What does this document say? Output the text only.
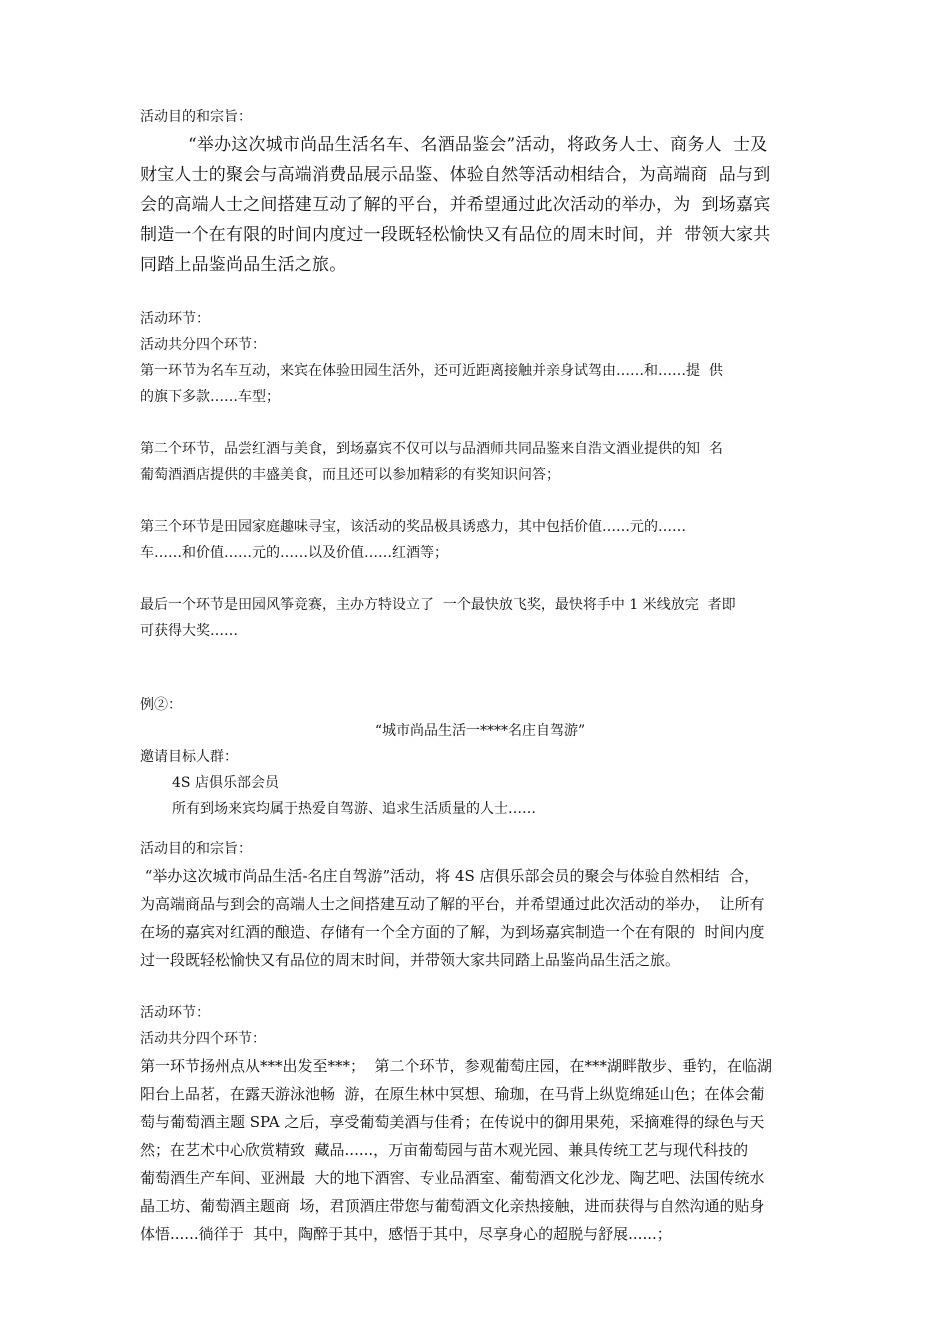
活动目的和宗旨：
“举办这次城市尚品生活名车、名酒品鉴会”活动，将政务人士、商务人  士及
财宝人士的聚会与高端消费品展示品鉴、体验自然等活动相结合，为高端商  品与到
会的高端人士之间搭建互动了解的平台，并希望通过此次活动的举办，为  到场嘉宾
制造一个在有限的时间内度过一段既轻松愉快又有品位的周末时间，并  带领大家共
同踏上品鉴尚品生活之旅。
活动环节：
活动共分四个环节：
第一环节为名车互动，来宾在体验田园生活外，还可近距离接触并亲身试驾由……和……提  供
的旗下多款……车型；
第二个环节，品尝红酒与美食，到场嘉宾不仅可以与品酒师共同品鉴来自浩文酒业提供的知  名
葡萄酒酒店提供的丰盛美食，而且还可以参加精彩的有奖知识问答；
第三个环节是田园家庭趣味寻宝，该活动的奖品极具诱惑力，其中包括价值……元的……
车……和价值……元的……以及价值……红酒等；
最后一个环节是田园风筝竞赛，主办方特设立了  一个最快放飞奖，最快将手中 1 米线放完  者即
可获得大奖……
例②：
“城市尚品生活一****名庄自驾游”
邀请目标人群：
4S 店俱乐部会员
所有到场来宾均属于热爱自驾游、追求生活质量的人士……
活动目的和宗旨：
“举办这次城市尚品生活-名庄自驾游”活动，将 4S 店俱乐部会员的聚会与体验自然相结  合，
为高端商品与到会的高端人士之间搭建互动了解的平台，并希望通过此次活动的举办，  让所有
在场的嘉宾对红酒的酿造、存储有一个全方面的了解，为到场嘉宾制造一个在有限的  时间内度
过一段既轻松愉快又有品位的周末时间，并带领大家共同踏上品鉴尚品生活之旅。
活动环节：
活动共分四个环节：
第一环节扬州点从***出发至***；  第二个环节，参观葡萄庄园，在***湖畔散步、垂钓，在临湖
阳台上品茗，在露天游泳池畅  游，在原生林中冥想、瑜珈，在马背上纵览绵延山色；在体会葡
萄与葡萄酒主题 SPA 之后，享受葡萄美酒与佳肴；在传说中的御用果苑，采摘难得的绿色与天
然；在艺术中心欣赏精致  藏品......，万亩葡萄园与苗木观光园、兼具传统工艺与现代科技的
葡萄酒生产车间、亚洲最  大的地下酒窖、专业品酒室、葡萄酒文化沙龙、陶艺吧、法国传统水
晶工坊、葡萄酒主题商  场，君顶酒庄带您与葡萄酒文化亲热接触，进而获得与自然沟通的贴身
体悟......徜徉于  其中，陶醉于其中，感悟于其中，尽享身心的超脱与舒展......；
